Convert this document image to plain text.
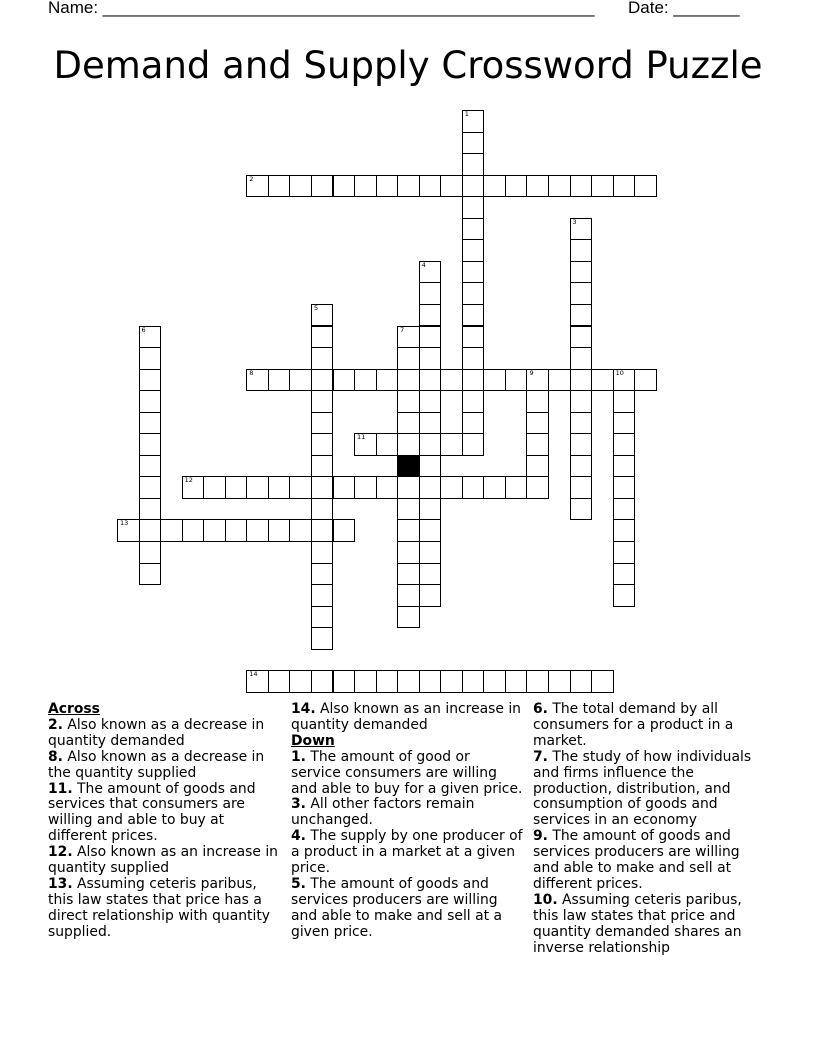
Name: ____________________________________________________ Date: _______
Demand and Supply Crossword Puzzle
1
2
3
4
5
6	7
8	9	10
11
12
13
14

Across

2. Also known as a decrease in quantity demanded

8. Also known as a decrease in the quantity supplied

11. The amount of goods and services that consumers are willing and able to buy at different prices.

12. Also known as an increase in quantity supplied

13. Assuming ceteris paribus, this law states that price has a direct relationship with quantity supplied.

14. Also known as an increase in quantity demanded

Down

1. The amount of good or service consumers are willing and able to buy for a given price.

3. All other factors remain unchanged.

4. The supply by one producer of a product in a market at a given price.

5. The amount of goods and services producers are willing and able to make and sell at a given price.

6. The total demand by all consumers for a product in a market.

7. The study of how individuals and firms influence the production, distribution, and consumption of goods and services in an economy

9. The amount of goods and services producers are willing and able to make and sell at different prices.

10. Assuming ceteris paribus, this law states that price and quantity demanded shares an inverse relationship
